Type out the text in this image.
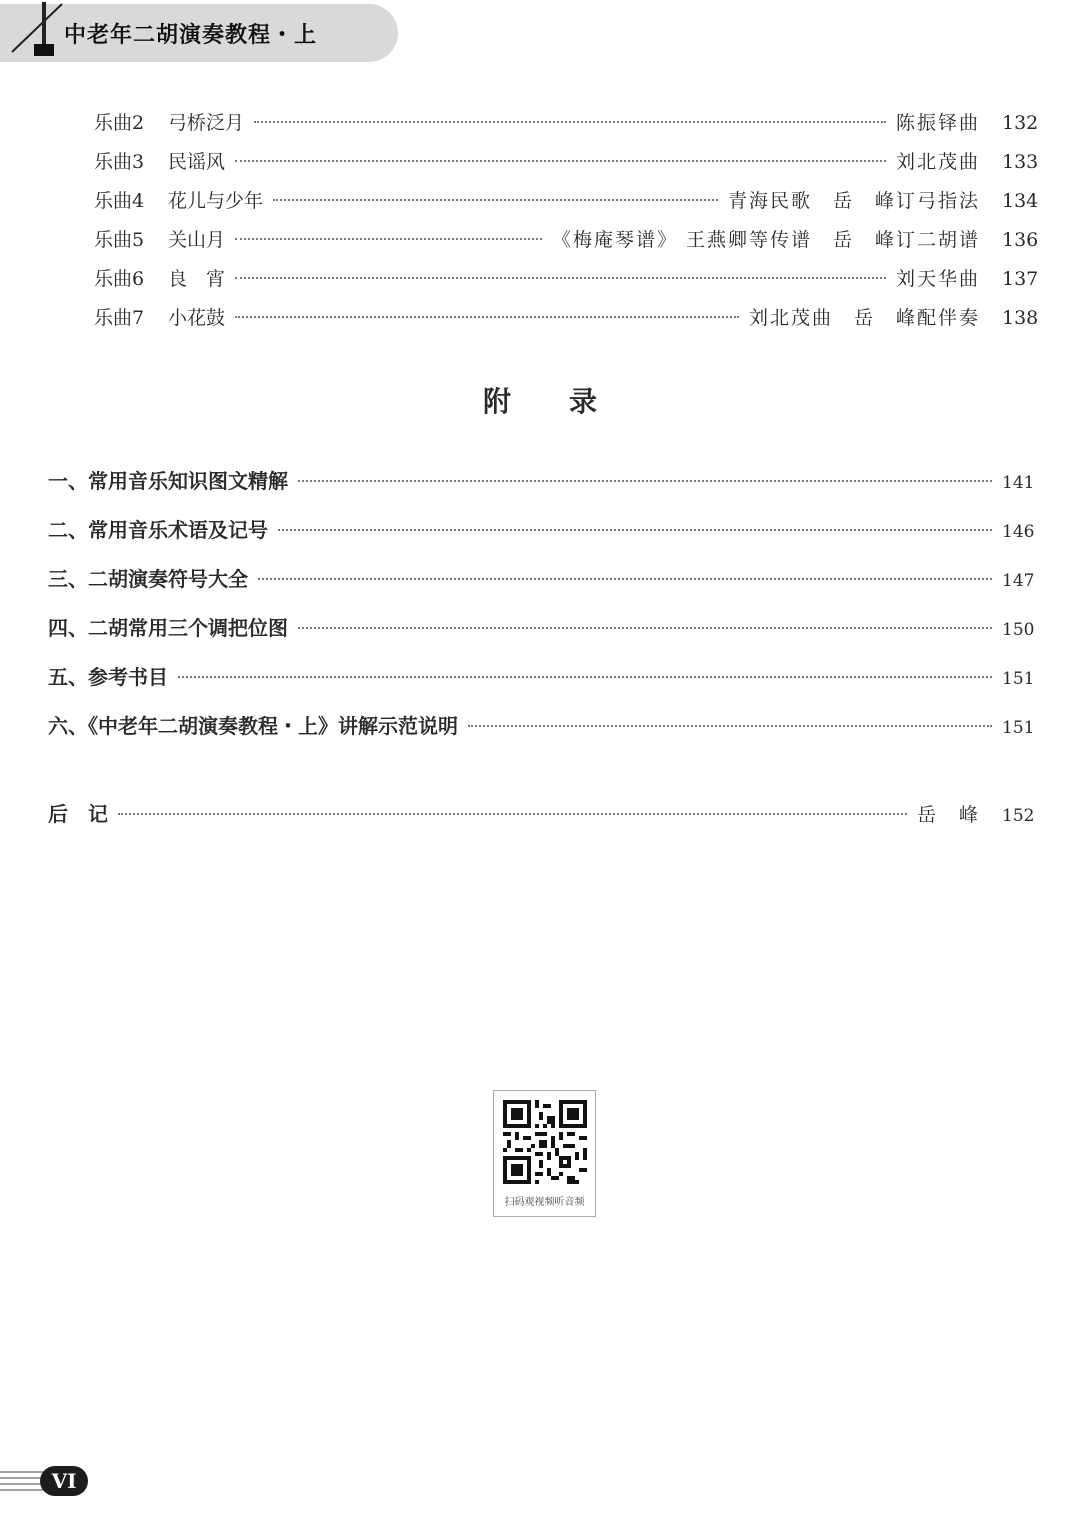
中老年二胡演奏教程・上
乐曲2	弓桥泛月	陈振铎曲 132
乐曲3	民谣风	刘北茂曲 133
乐曲4	花儿与少年	青海民歌　岳　峰订弓指法 134
乐曲5	关山月	《梅庵琴谱》 王燕卿等传谱　岳　峰订二胡谱 136
乐曲6	良　宵	刘天华曲 137
乐曲7	小花鼓	刘北茂曲　岳　峰配伴奏 138
附录
一、常用音乐知识图文精解	141
二、常用音乐术语及记号	146
三、二胡演奏符号大全	147
四、二胡常用三个调把位图	150
五、参考书目	151
六、《中老年二胡演奏教程・上》讲解示范说明	151
后　记	岳　峰 152
扫码观视频听音频
VI
